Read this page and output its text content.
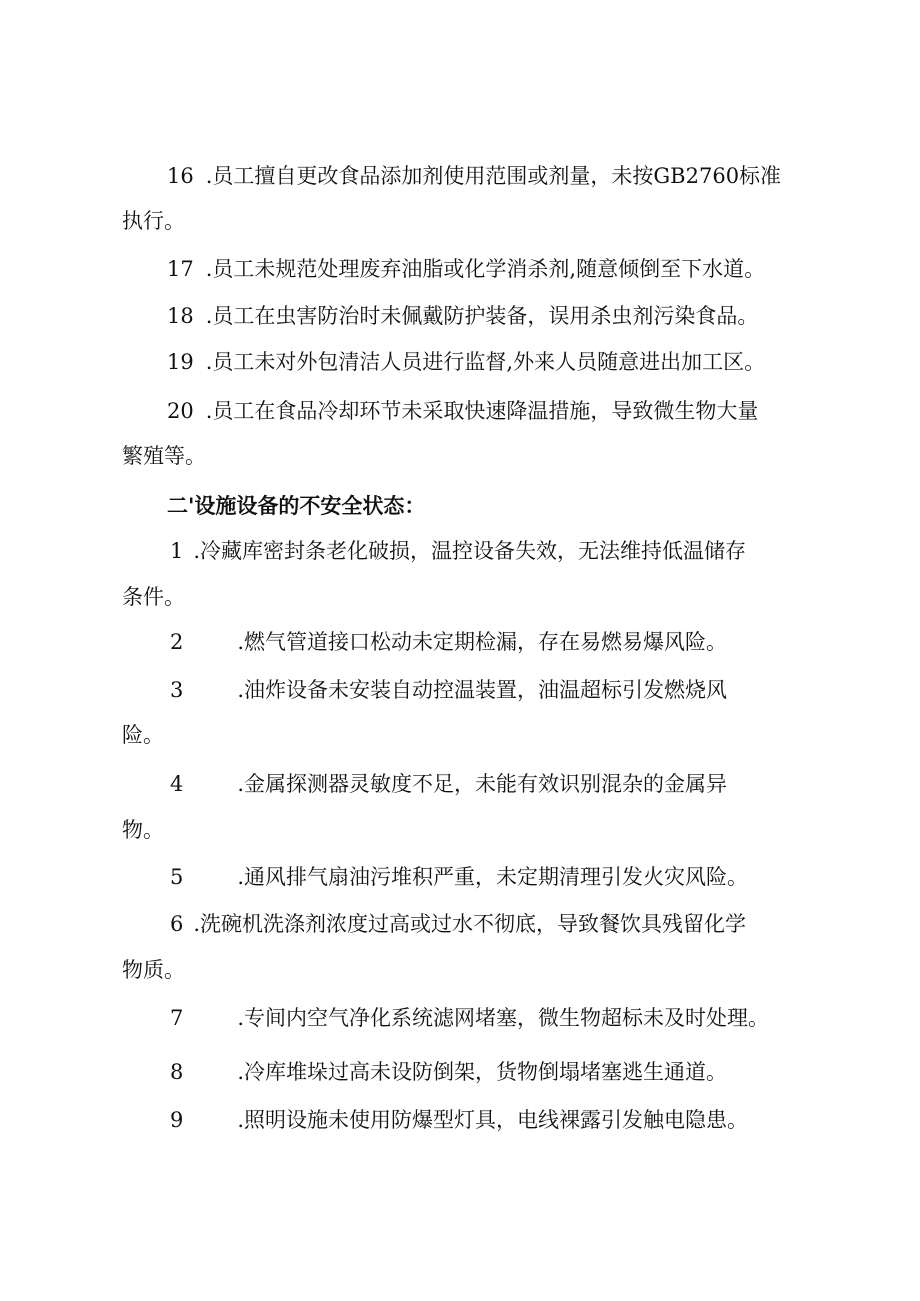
16 .员工擅自更改食品添加剂使用范围或剂量，未按GB2760标准
执行。
17 .员工未规范处理废弃油脂或化学消杀剂,随意倾倒至下水道。
18 .员工在虫害防治时未佩戴防护装备，误用杀虫剂污染食品。
19 .员工未对外包清洁人员进行监督,外来人员随意进出加工区。
20 .员工在食品冷却环节未采取快速降温措施，导致微生物大量
繁殖等。
二'设施设备的不安全状态：
1 .冷藏库密封条老化破损，温控设备失效，无法维持低温储存
条件。
2	.燃气管道接口松动未定期检漏，存在易燃易爆风险。
3	.油炸设备未安装自动控温装置，油温超标引发燃烧风
险。
4	.金属探测器灵敏度不足，未能有效识别混杂的金属异
物。
5	.通风排气扇油污堆积严重，未定期清理引发火灾风险。
6 .洗碗机洗涤剂浓度过高或过水不彻底，导致餐饮具残留化学
物质。
7	.专间内空气净化系统滤网堵塞，微生物超标未及时处理。
8	.冷库堆垛过高未设防倒架，货物倒塌堵塞逃生通道。
9	.照明设施未使用防爆型灯具，电线裸露引发触电隐患。
